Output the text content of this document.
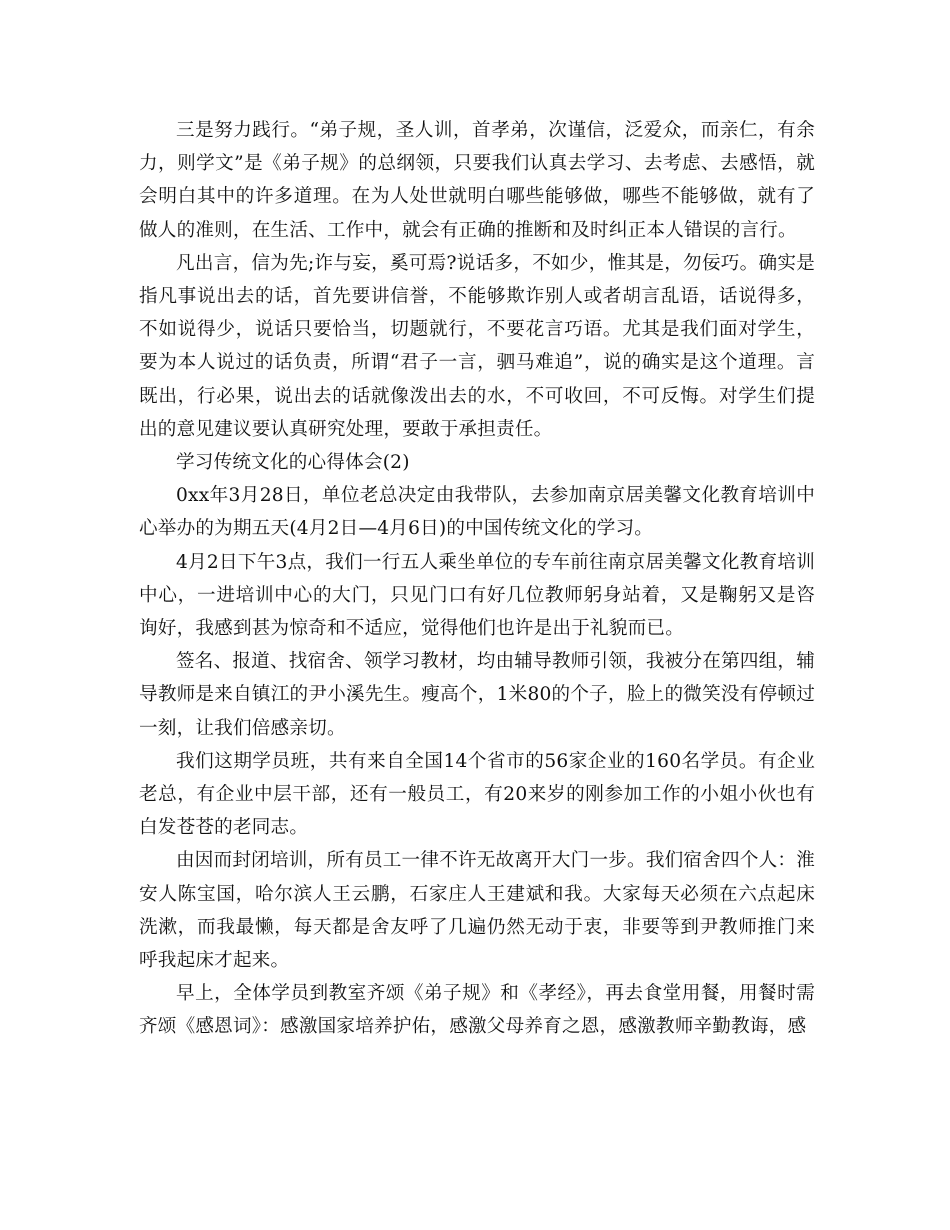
三是努力践行。“弟子规，圣人训，首孝弟，次谨信，泛爱众，而亲仁，有余力，则学文”是《弟子规》的总纲领，只要我们认真去学习、去考虑、去感悟，就会明白其中的许多道理。在为人处世就明白哪些能够做，哪些不能够做，就有了做人的准则，在生活、工作中，就会有正确的推断和及时纠正本人错误的言行。

凡出言，信为先;诈与妄，奚可焉?说话多，不如少，惟其是，勿佞巧。确实是指凡事说出去的话，首先要讲信誉，不能够欺诈别人或者胡言乱语，话说得多，不如说得少，说话只要恰当，切题就行，不要花言巧语。尤其是我们面对学生，要为本人说过的话负责，所谓“君子一言，驷马难追”，说的确实是这个道理。言既出，行必果，说出去的话就像泼出去的水，不可收回，不可反悔。对学生们提出的意见建议要认真研究处理，要敢于承担责任。

学习传统文化的心得体会(2)

0xx年3月28日，单位老总决定由我带队，去参加南京居美馨文化教育培训中心举办的为期五天(4月2日—4月6日)的中国传统文化的学习。

4月2日下午3点，我们一行五人乘坐单位的专车前往南京居美馨文化教育培训中心，一进培训中心的大门，只见门口有好几位教师躬身站着，又是鞠躬又是咨询好，我感到甚为惊奇和不适应，觉得他们也许是出于礼貌而已。

签名、报道、找宿舍、领学习教材，均由辅导教师引领，我被分在第四组，辅导教师是来自镇江的尹小溪先生。瘦高个，1米80的个子，脸上的微笑没有停顿过一刻，让我们倍感亲切。

我们这期学员班，共有来自全国14个省市的56家企业的160名学员。有企业老总，有企业中层干部，还有一般员工，有20来岁的刚参加工作的小姐小伙也有白发苍苍的老同志。

由因而封闭培训，所有员工一律不许无故离开大门一步。我们宿舍四个人：淮安人陈宝国，哈尔滨人王云鹏，石家庄人王建斌和我。大家每天必须在六点起床洗漱，而我最懒，每天都是舍友呼了几遍仍然无动于衷，非要等到尹教师推门来呼我起床才起来。

早上，全体学员到教室齐颂《弟子规》和《孝经》，再去食堂用餐，用餐时需齐颂《感恩词》：感激国家培养护佑，感激父母养育之恩，感激教师辛勤教诲，感
